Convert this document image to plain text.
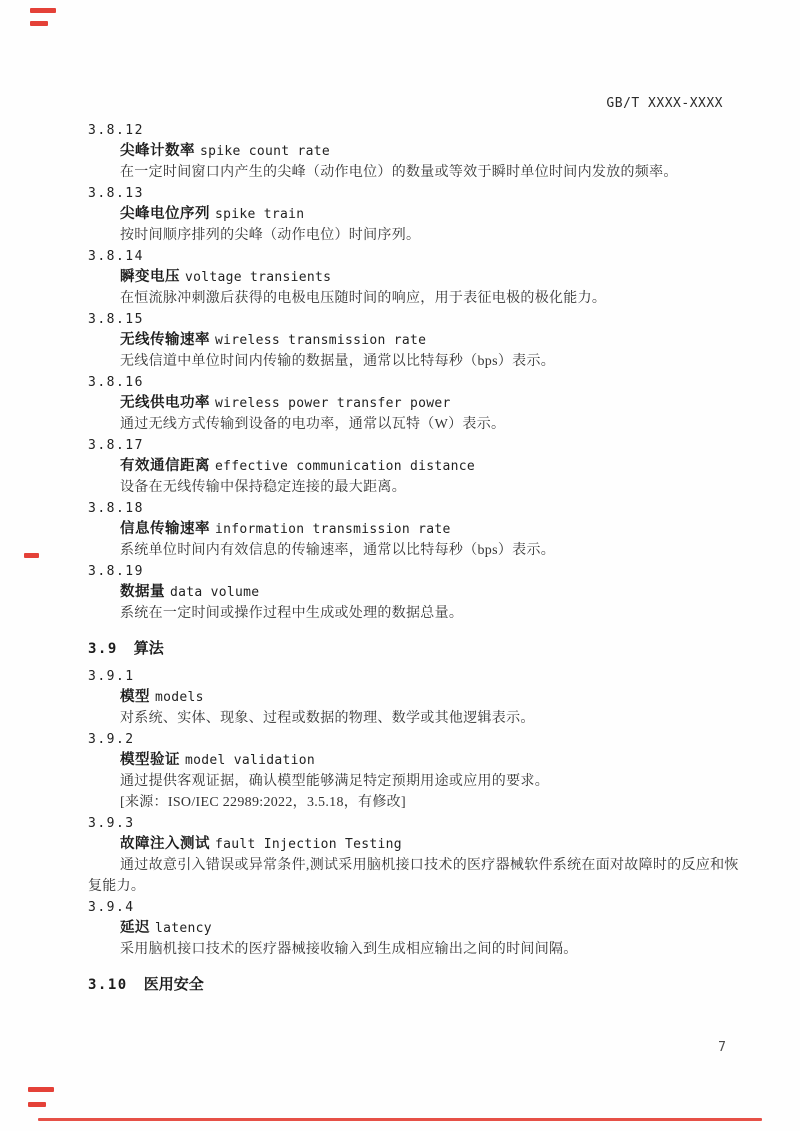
GB/T XXXX-XXXX
3.8.12
尖峰计数率 spike count rate
在一定时间窗口内产生的尖峰（动作电位）的数量或等效于瞬时单位时间内发放的频率。
3.8.13
尖峰电位序列 spike train
按时间顺序排列的尖峰（动作电位）时间序列。
3.8.14
瞬变电压 voltage transients
在恒流脉冲刺激后获得的电极电压随时间的响应，用于表征电极的极化能力。
3.8.15
无线传输速率 wireless transmission rate
无线信道中单位时间内传输的数据量，通常以比特每秒（bps）表示。
3.8.16
无线供电功率 wireless power transfer power
通过无线方式传输到设备的电功率，通常以瓦特（W）表示。
3.8.17
有效通信距离 effective communication distance
设备在无线传输中保持稳定连接的最大距离。
3.8.18
信息传输速率 information transmission rate
系统单位时间内有效信息的传输速率，通常以比特每秒（bps）表示。
3.8.19
数据量 data volume
系统在一定时间或操作过程中生成或处理的数据总量。
3.9 算法
3.9.1
模型 models
对系统、实体、现象、过程或数据的物理、数学或其他逻辑表示。
3.9.2
模型验证 model validation
通过提供客观证据，确认模型能够满足特定预期用途或应用的要求。
[来源：ISO/IEC 22989:2022，3.5.18，有修改]
3.9.3
故障注入测试 fault Injection Testing
通过故意引入错误或异常条件,测试采用脑机接口技术的医疗器械软件系统在面对故障时的反应和恢复能力。
3.9.4
延迟 latency
采用脑机接口技术的医疗器械接收输入到生成相应输出之间的时间间隔。
3.10 医用安全
7
